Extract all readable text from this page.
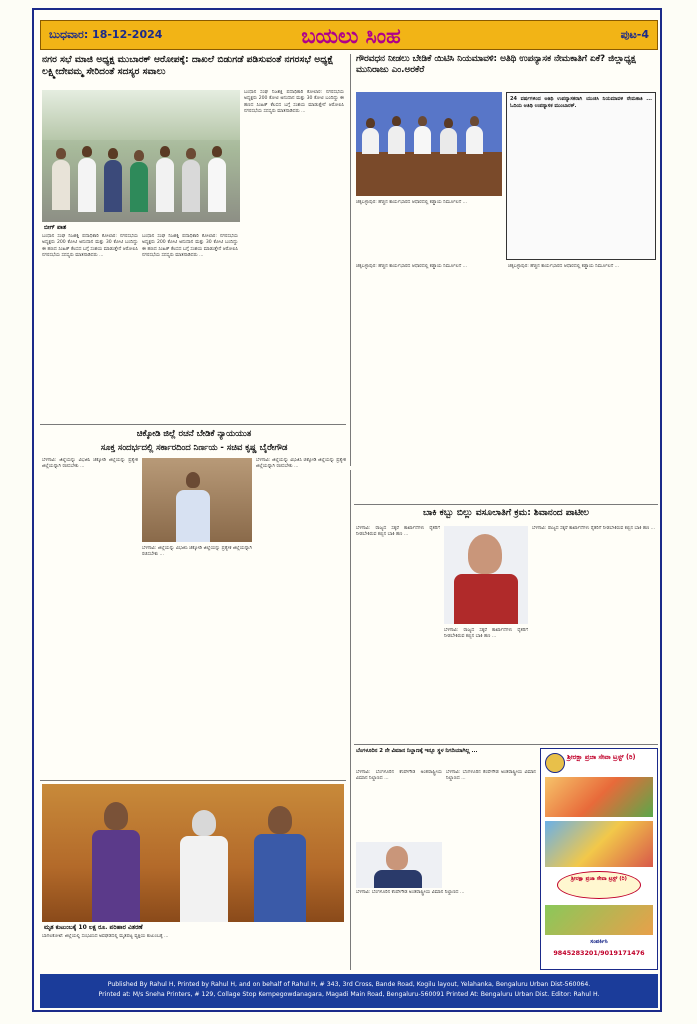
ಬುಧವಾರ: 18-12-2024	ಬಯಲು ಸಿಂಹ	ಪುಟ-4
ನಗರ ಸಭೆ ಮಾಜಿ ಅಧ್ಯಕ್ಷ ಮುಬಾರಕ್ ಆರೋಪಕ್ಕೆ: ದಾಖಲೆ ಬಿಡುಗಡೆ ಪಡಿಸುವಂತೆ ನಗರಸಭೆ ಅಧ್ಯಕ್ಷೆ ಲಕ್ಷ್ಮೀದೇವಮ್ಮ ಸೇರಿದಂತೆ ಸದಸ್ಯರ ಸವಾಲು
ಬೀಗ್ ಪಾಶ
ಬಂಧಾನ ಸಂಘ ನಿಜಶಕ್ತಿ ಪದಾಧಿಕಾರಿ ಕೋಲಾರ: ನಗರಸಭೆಯ ಅಧ್ಯಕ್ಷರು 200 ಕೋಟಿ ಅನುದಾನ ಮತ್ತು 30 ಕೋಟಿ ಬಂದಿದ್ದು ಈ ಹಣದ ಸಿಂಹಿಕ್ ಕೆಲಸದ ಬಗ್ಗೆ ಸಂಶಯ ಮಾಡುತ್ತೇನೆ ಆರೋಪಿಸಿ ನಗರಸಭೆಯ ಸದಸ್ಯರು ಮಾತನಾಡಿದರು ...
ಬಂಧಾನ ಸಂಘ ನಿಜಶಕ್ತಿ ಪದಾಧಿಕಾರಿ ಕೋಲಾರ: ನಗರಸಭೆಯ ಅಧ್ಯಕ್ಷರು 200 ಕೋಟಿ ಅನುದಾನ ಮತ್ತು 30 ಕೋಟಿ ಬಂದಿದ್ದು ಈ ಹಣದ ಸಿಂಹಿಕ್ ಕೆಲಸದ ಬಗ್ಗೆ ಸಂಶಯ ಮಾಡುತ್ತೇನೆ ಆರೋಪಿಸಿ ನಗರಸಭೆಯ ಸದಸ್ಯರು ಮಾತನಾಡಿದರು ...
ಬಂಧಾನ ಸಂಘ ನಿಜಶಕ್ತಿ ಪದಾಧಿಕಾರಿ ಕೋಲಾರ: ನಗರಸಭೆಯ ಅಧ್ಯಕ್ಷರು 200 ಕೋಟಿ ಅನುದಾನ ಮತ್ತು 30 ಕೋಟಿ ಬಂದಿದ್ದು ಈ ಹಣದ ಸಿಂಹಿಕ್ ಕೆಲಸದ ಬಗ್ಗೆ ಸಂಶಯ ಮಾಡುತ್ತೇನೆ ಆರೋಪಿಸಿ ನಗರಸಭೆಯ ಸದಸ್ಯರು ಮಾತನಾಡಿದರು ...
ಗೌರವಧನ ನೀಡಲು ಬೇಡಿಕೆ ಯಿಟಿಸಿ ನಿಯಮಾವಳಿ: ಅತಿಥಿ ಉಪನ್ಯಾಸಕ ನೇಮಕಾತಿಗೆ ಏಕೆ? ಜಿಲ್ಲಾಧ್ಯಕ್ಷ ಮುನಿರಾಜು ಎಂ.ಅರಕೆರೆ
24 ವರ್ಷಗಳಿಂದ ಅತಿಥಿ ಉಪನ್ಯಾಸಕರಾಗಿ ಯುಜಿಸಿ ನಿಯಮಾವಳಿ ನೇಮಕಾತಿ ... ಓದಿಯ ಅತಿಥಿ ಉಪನ್ಯಾಸಕ ಮುಂಬಾರಕ್.
ಚಿಕ್ಕಬಳ್ಳಾಪುರ: ಹೆಚ್ಚಿನ ಕಾರ್ಯಭಾರದ ಆಧಾರದಲ್ಲಿ ಕಡ್ಡಾಯ ನಿರ್ಮೂಲನೆ ...
ಚಿಕ್ಕಬಳ್ಳಾಪುರ: ಹೆಚ್ಚಿನ ಕಾರ್ಯಭಾರದ ಆಧಾರದಲ್ಲಿ ಕಡ್ಡಾಯ ನಿರ್ಮೂಲನೆ ...	ಚಿಕ್ಕಬಳ್ಳಾಪುರ: ಹೆಚ್ಚಿನ ಕಾರ್ಯಭಾರದ ಆಧಾರದಲ್ಲಿ ಕಡ್ಡಾಯ ನಿರ್ಮೂಲನೆ ...
ಚಿಕ್ಕೋಡಿ ಜಿಲ್ಲೆ ರಚನೆ ಬೇಡಿಕೆ ನ್ಯಾಯಯುತ
ಸೂಕ್ತ ಸಂದರ್ಭದಲ್ಲಿ ಸರ್ಕಾರದಿಂದ ನಿರ್ಣಯ - ಸಚಿವ ಕೃಷ್ಣ ಬೈರೇಗೌಡ
ಬೆಳಗಾವಿ: ಜಿಲ್ಲೆಯನ್ನು ವಿಭಜಿಸಿ ಚಿಕ್ಕೋಡಿ ಜಿಲ್ಲೆಯನ್ನು ಪ್ರತ್ಯೇಕ ಜಿಲ್ಲೆಯನ್ನಾಗಿ ರಚಿಸಬೇಕು ...
ಬೆಳಗಾವಿ: ಜಿಲ್ಲೆಯನ್ನು ವಿಭಜಿಸಿ ಚಿಕ್ಕೋಡಿ ಜಿಲ್ಲೆಯನ್ನು ಪ್ರತ್ಯೇಕ ಜಿಲ್ಲೆಯನ್ನಾಗಿ ರಚಿಸಬೇಕು ...
ಬೆಳಗಾವಿ: ಜಿಲ್ಲೆಯನ್ನು ವಿಭಜಿಸಿ ಚಿಕ್ಕೋಡಿ ಜಿಲ್ಲೆಯನ್ನು ಪ್ರತ್ಯೇಕ ಜಿಲ್ಲೆಯನ್ನಾಗಿ ರಚಿಸಬೇಕು ...
ಬಾಕಿ ಕಬ್ಬು ಬಿಲ್ಲು ವಸೂಲಾತಿಗೆ ಕ್ರಮ: ಶಿವಾನಂದ ಪಾಟೀಲ
ಬೆಳಗಾವಿ: ರಾಜ್ಯದ ಸಕ್ಕರೆ ಕಾರ್ಖಾನೆಗಳು ರೈತರಿಗೆ ನೀಡಬೇಕಿರುವ ಕಬ್ಬಿನ ಬಾಕಿ ಹಣ ...
ಬೆಳಗಾವಿ: ರಾಜ್ಯದ ಸಕ್ಕರೆ ಕಾರ್ಖಾನೆಗಳು ರೈತರಿಗೆ ನೀಡಬೇಕಿರುವ ಕಬ್ಬಿನ ಬಾಕಿ ಹಣ ...
ಬೆಳಗಾವಿ: ರಾಜ್ಯದ ಸಕ್ಕರೆ ಕಾರ್ಖಾನೆಗಳು ರೈತರಿಗೆ ನೀಡಬೇಕಿರುವ ಕಬ್ಬಿನ ಬಾಕಿ ಹಣ ...
ಮೃತ ಕುಟುಂಬಕ್ಕೆ 10 ಲಕ್ಷ ರೂ. ಪರಿಹಾರ ವಿತರಣೆ
ಬಾಗಲಕೋಟೆ: ಜಿಲ್ಲೆಯಲ್ಲಿ ಸಂಭವಿಸಿದ ಅವಘಡದಲ್ಲಿ ಮೃತಪಟ್ಟ ವ್ಯಕ್ತಿಯ ಕುಟುಂಬಕ್ಕೆ ...
ಬೆಂಗಳೂರಿನ 2 ನೇ ವಿಮಾನ ನಿಲ್ದಾಣಕ್ಕೆ ಇನ್ನೂ ಸ್ಥಳ ನಿಗದಿಯಾಗಿಲ್ಲ ...
ಬೆಳಗಾವಿ: ಬೆಂಗಳೂರಿನ ಕೆಂಪೇಗೌಡ ಅಂತರಾಷ್ಟ್ರೀಯ ವಿಮಾನ ನಿಲ್ದಾಣದ ...
ಬೆಳಗಾವಿ: ಬೆಂಗಳೂರಿನ ಕೆಂಪೇಗೌಡ ಅಂತರಾಷ್ಟ್ರೀಯ ವಿಮಾನ ನಿಲ್ದಾಣದ ...
ಬೆಳಗಾವಿ: ಬೆಂಗಳೂರಿನ ಕೆಂಪೇಗೌಡ ಅಂತರಾಷ್ಟ್ರೀಯ ವಿಮಾನ ನಿಲ್ದಾಣದ ...
ಶ್ರೀರಕ್ಷಾ ಪ್ರಜಾ ಸೇವಾ ಟ್ರಸ್ಟ್ (ರಿ)
ಶ್ರೀರಕ್ಷಾ ಪ್ರಜಾ ಸೇವಾ ಟ್ರಸ್ಟ್ (ರಿ)
ಸಂಪರ್ಕಿಸಿ
9845283201/9019171476
Published By Rahul H, Printed by Rahul H, and on behalf of Rahul H, # 343, 3rd Cross, Bande Road, Kogilu layout, Yelahanka, Bengaluru Urban Dist-560064.
Printed at: M/s Sneha Printers, # 129, Collage Stop Kempegowdanagara, Magadi Main Road, Bengaluru-560091 Printed At: Bengaluru Urban Dist. Editor: Rahul H.
